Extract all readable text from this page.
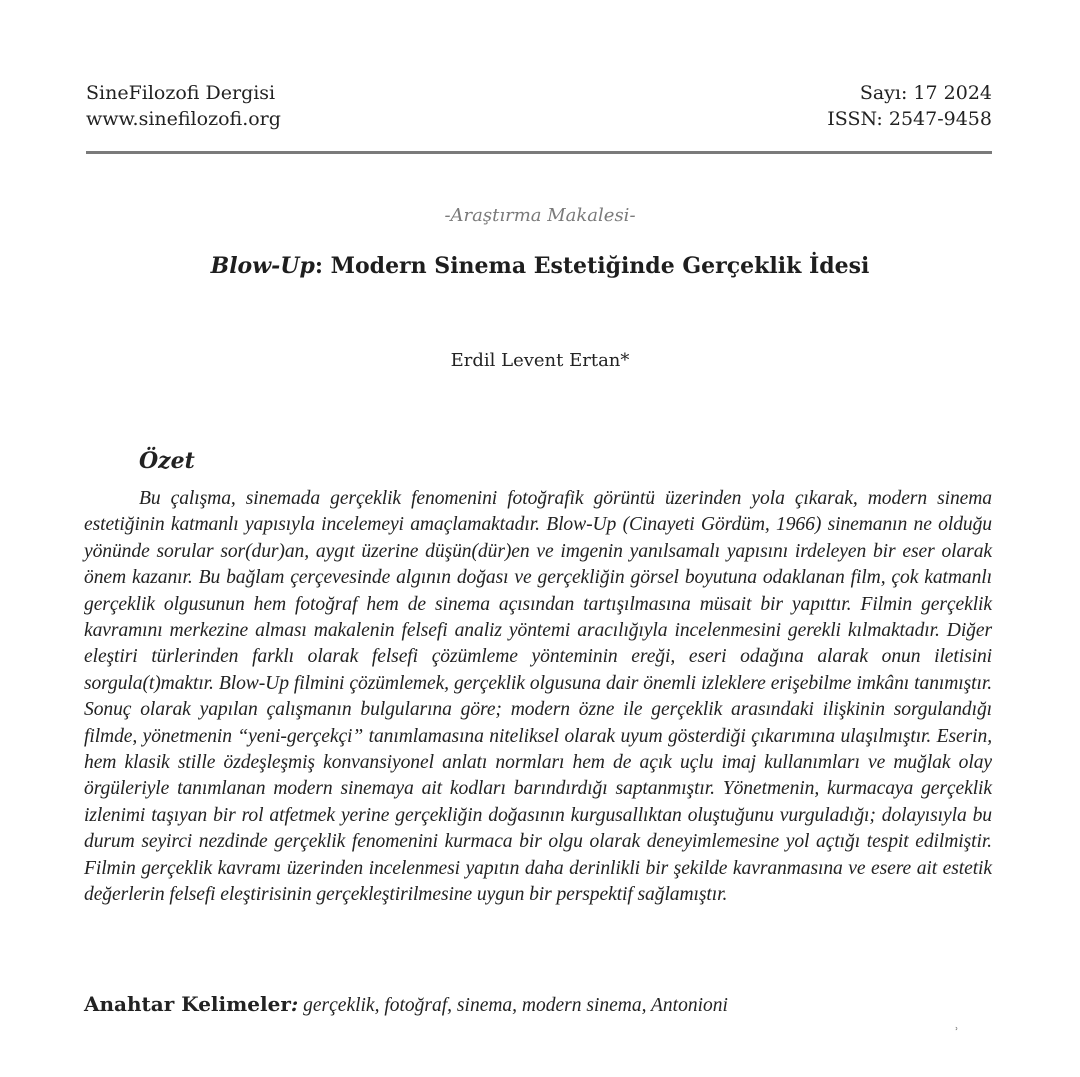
SineFilozofi Dergisi
www.sinefilozofi.org
Sayı: 17 2024
ISSN: 2547-9458
-Araştırma Makalesi-
Blow-Up: Modern Sinema Estetiğinde Gerçeklik İdesi
Erdil Levent Ertan*
Özet
Bu çalışma, sinemada gerçeklik fenomenini fotoğrafik görüntü üzerinden yola çıkarak, modern sinema estetiğinin katmanlı yapısıyla incelemeyi amaçlamaktadır. Blow-Up (Cinayeti Gördüm, 1966) sinemanın ne olduğu yönünde sorular sor(dur)an, aygıt üzerine düşün(dür)en ve imgenin yanılsamalı yapısını irdeleyen bir eser olarak önem kazanır. Bu bağlam çerçevesinde algının doğası ve gerçekliğin görsel boyutuna odaklanan film, çok katmanlı gerçeklik olgusunun hem fotoğraf hem de sinema açısından tartışılmasına müsait bir yapıttır. Filmin gerçeklik kavramını merkezine alması makalenin felsefi analiz yöntemi aracılığıyla incelenmesini gerekli kılmaktadır. Diğer eleştiri türlerinden farklı olarak felsefi çözümleme yönteminin ereği, eseri odağına alarak onun iletisini sorgula(t)maktır. Blow-Up filmini çözümlemek, gerçeklik olgusuna dair önemli izleklere erişebilme imkânı tanımıştır. Sonuç olarak yapılan çalışmanın bulgularına göre; modern özne ile gerçeklik arasındaki ilişkinin sorgulandığı filmde, yönetmenin “yeni-gerçekçi” tanımlamasına niteliksel olarak uyum gösterdiği çıkarımına ulaşılmıştır. Eserin, hem klasik stille özdeşleşmiş konvansiyonel anlatı normları hem de açık uçlu imaj kullanımları ve muğlak olay örgüleriyle tanımlanan modern sinemaya ait kodları barındırdığı saptanmıştır. Yönetmenin, kurmacaya gerçeklik izlenimi taşıyan bir rol atfetmek yerine gerçekliğin doğasının kurgusallıktan oluştuğunu vurguladığı; dolayısıyla bu durum seyirci nezdinde gerçeklik fenomenini kurmaca bir olgu olarak deneyimlemesine yol açtığı tespit edilmiştir. Filmin gerçeklik kavramı üzerinden incelenmesi yapıtın daha derinlikli bir şekilde kavranmasına ve esere ait estetik değerlerin felsefi eleştirisinin gerçekleştirilmesine uygun bir perspektif sağlamıştır.
Anahtar Kelimeler: gerçeklik, fotoğraf, sinema, modern sinema, Antonioni
ʾ
